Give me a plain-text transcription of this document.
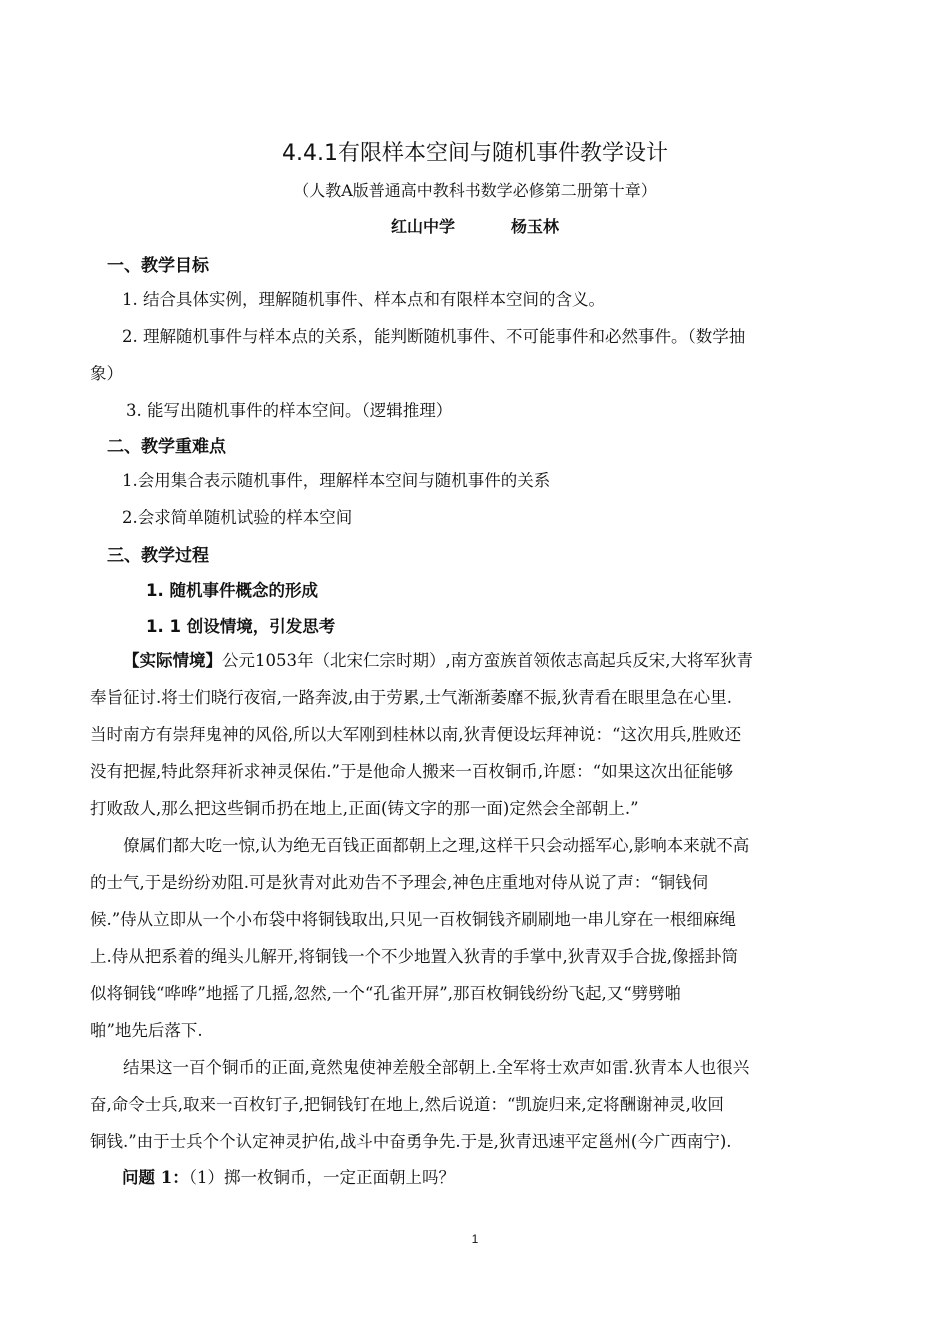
4.4.1有限样本空间与随机事件教学设计
（人教A版普通高中教科书数学必修第二册第十章）
红山中学	杨玉林
一、教学目标
1. 结合具体实例，理解随机事件、样本点和有限样本空间的含义。
2. 理解随机事件与样本点的关系，能判断随机事件、不可能事件和必然事件。（数学抽
象）
3. 能写出随机事件的样本空间。（逻辑推理）
二、教学重难点
1.会用集合表示随机事件，理解样本空间与随机事件的关系
2.会求简单随机试验的样本空间
三、教学过程
1. 随机事件概念的形成
1. 1 创设情境，引发思考

【实际情境】公元1053年（北宋仁宗时期）,南方蛮族首领侬志高起兵反宋,大将军狄青

奉旨征讨.将士们晓行夜宿,一路奔波,由于劳累,士气渐渐萎靡不振,狄青看在眼里急在心里.

当时南方有崇拜鬼神的风俗,所以大军刚到桂林以南,狄青便设坛拜神说：“这次用兵,胜败还

没有把握,特此祭拜祈求神灵保佑.”于是他命人搬来一百枚铜币,许愿：“如果这次出征能够

打败敌人,那么把这些铜币扔在地上,正面(铸文字的那一面)定然会全部朝上.”

僚属们都大吃一惊,认为绝无百钱正面都朝上之理,这样干只会动摇军心,影响本来就不高

的士气,于是纷纷劝阻.可是狄青对此劝告不予理会,神色庄重地对侍从说了声：“铜钱伺

候.”侍从立即从一个小布袋中将铜钱取出,只见一百枚铜钱齐刷刷地一串儿穿在一根细麻绳

上.侍从把系着的绳头儿解开,将铜钱一个不少地置入狄青的手掌中,狄青双手合拢,像摇卦筒

似将铜钱“哗哗”地摇了几摇,忽然,一个“孔雀开屏”,那百枚铜钱纷纷飞起,又“劈劈啪

啪”地先后落下.

结果这一百个铜币的正面,竟然鬼使神差般全部朝上.全军将士欢声如雷.狄青本人也很兴

奋,命令士兵,取来一百枚钉子,把铜钱钉在地上,然后说道：“凯旋归来,定将酬谢神灵,收回

铜钱.”由于士兵个个认定神灵护佑,战斗中奋勇争先.于是,狄青迅速平定邕州(今广西南宁).

问题 1：（1）掷一枚铜币，一定正面朝上吗？
1
